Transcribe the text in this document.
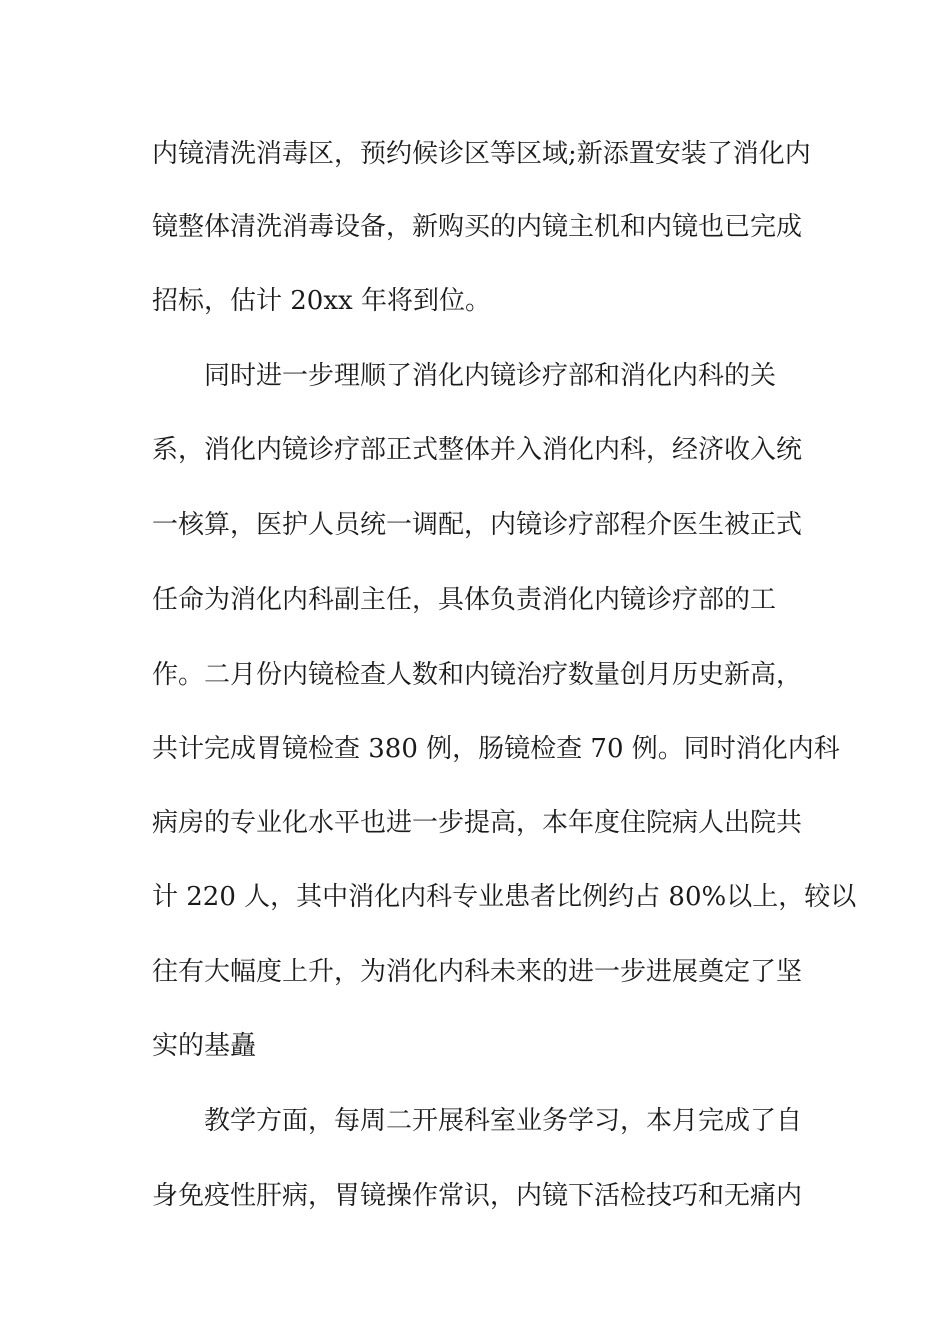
内镜清洗消毒区，预约候诊区等区域;新添置安装了消化内
镜整体清洗消毒设备，新购买的内镜主机和内镜也已完成
招标，估计 20xx 年将到位。
同时进一步理顺了消化内镜诊疗部和消化内科的关
系，消化内镜诊疗部正式整体并入消化内科，经济收入统
一核算，医护人员统一调配，内镜诊疗部程介医生被正式
任命为消化内科副主任，具体负责消化内镜诊疗部的工
作。二月份内镜检查人数和内镜治疗数量创月历史新高，
共计完成胃镜检查 380 例，肠镜检查 70 例。同时消化内科
病房的专业化水平也进一步提高，本年度住院病人出院共
计 220 人，其中消化内科专业患者比例约占 80%以上，较以
往有大幅度上升，为消化内科未来的进一步进展奠定了坚
实的基矗
教学方面，每周二开展科室业务学习，本月完成了自
身免疫性肝病，胃镜操作常识，内镜下活检技巧和无痛内
